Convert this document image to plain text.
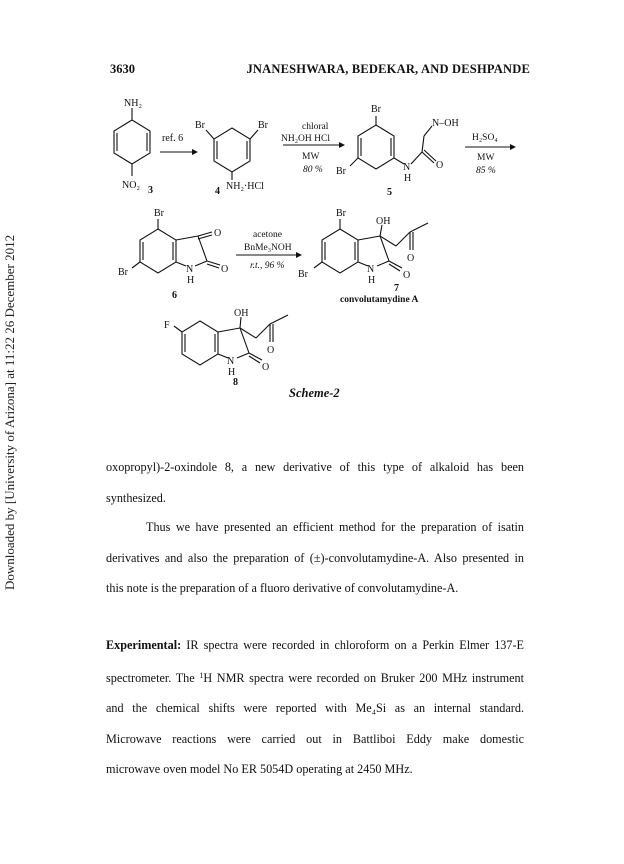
3630	JNANESHWARA, BEDEKAR, AND DESHPANDE
Downloaded by [University of Arizona] at 11:22 26 December 2012
NH₂
NO₂ 3
ref. 6
Br	Br
NH₂·HCl
4
chloral
NH₂OH HCl
MW
80 %
Br
Br
N–OH
N
H
O
5
H₂SO₄
MW
85 %
Br
Br
O
O
N
H
6
acetone
BnMe₃NOH
r.t., 96 %
Br
Br
OH
O
O
N
H
7
convolutamydine A
F
OH
O
O
N
H
8
Scheme-2
oxopropyl)-2-oxindole 8, a new derivative of this type of alkaloid has been
synthesized.
Thus we have presented an efficient method for the preparation of isatin
derivatives and also the preparation of (±)-convolutamydine-A. Also presented in
this note is the preparation of a fluoro derivative of convolutamydine-A.
Experimental: IR spectra were recorded in chloroform on a Perkin Elmer 137-E
spectrometer. The $^1$H NMR spectra were recorded on Bruker 200 MHz instrument
and the chemical shifts were reported with Me₄Si as an internal standard.
Microwave reactions were carried out in Battliboi Eddy make domestic
microwave oven model No ER 5054D operating at 2450 MHz.
